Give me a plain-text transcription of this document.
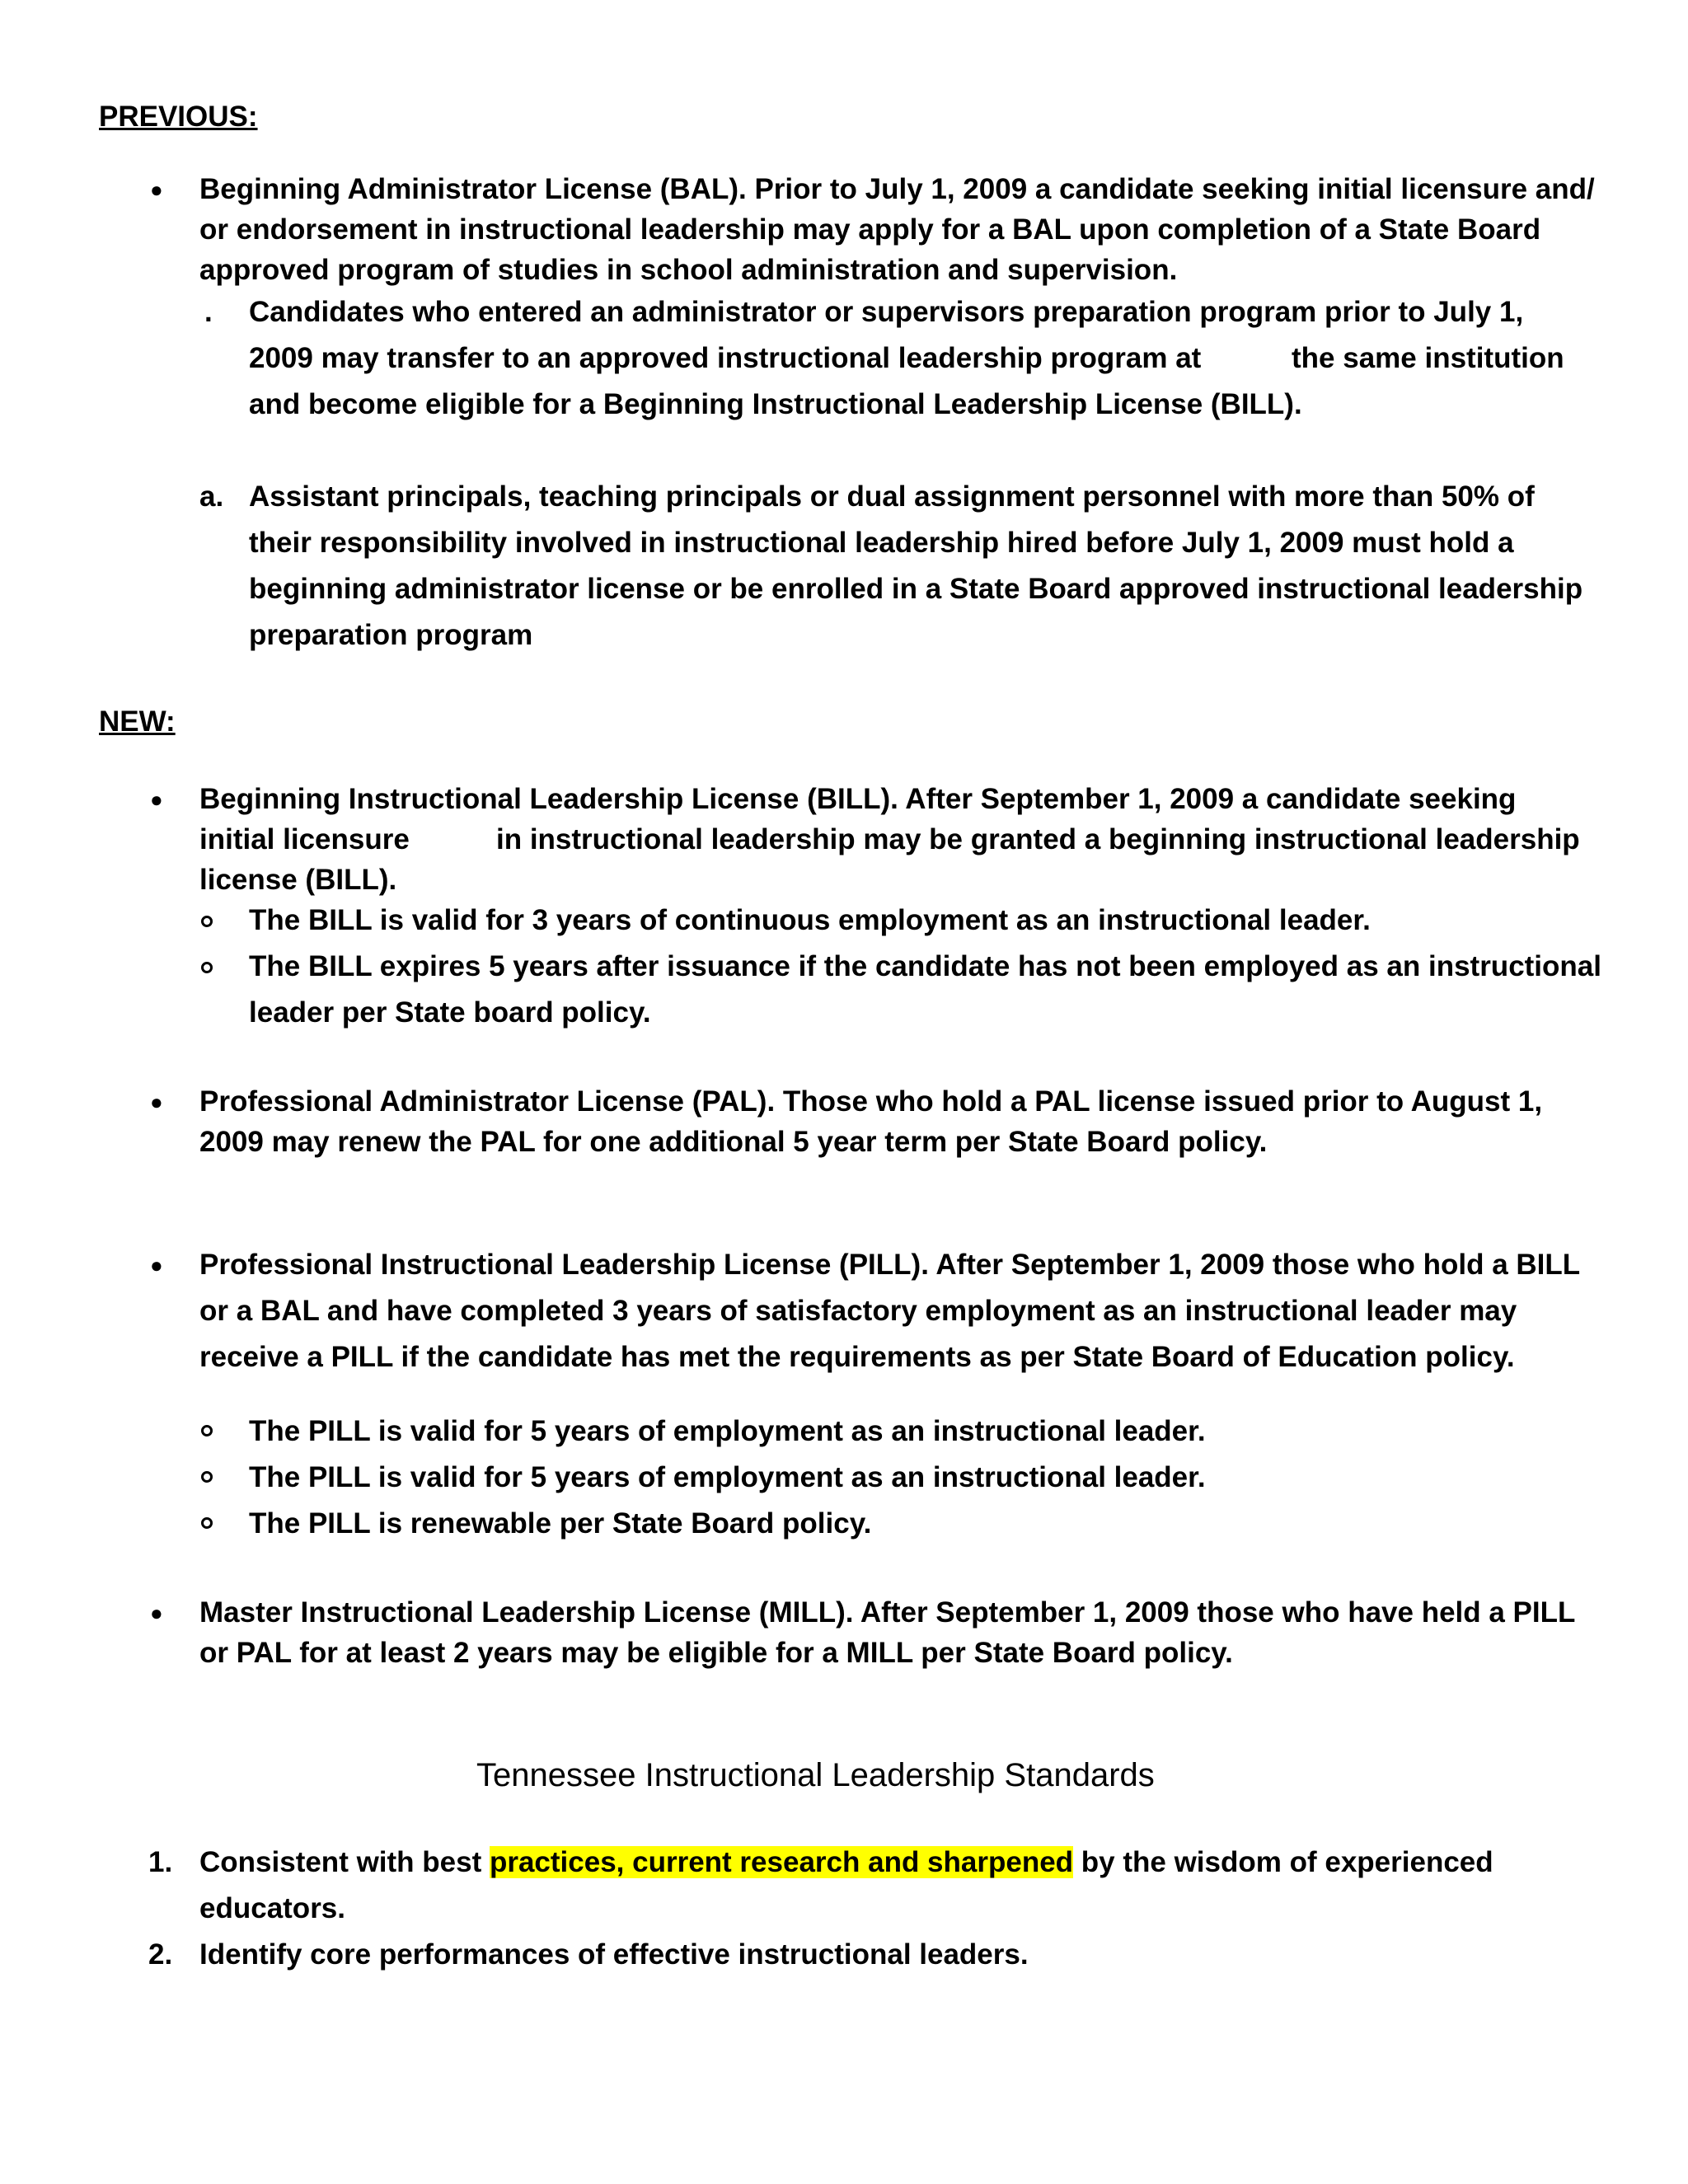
PREVIOUS:
● Beginning Administrator License (BAL). Prior to July 1, 2009 a candidate seeking initial licensure and/
or endorsement in instructional leadership may apply for a BAL upon completion of a State Board
approved program of studies in school administration and supervision.
. Candidates who entered an administrator or supervisors preparation program prior to July 1,
2009 may transfer to an approved instructional leadership program at	the same institution
and become eligible for a Beginning Instructional Leadership License (BILL).
a. Assistant principals, teaching principals or dual assignment personnel with more than 50% of
their responsibility involved in instructional leadership hired before July 1, 2009 must hold a
beginning administrator license or be enrolled in a State Board approved instructional leadership
preparation program
NEW:
● Beginning Instructional Leadership License (BILL). After September 1, 2009 a candidate seeking
initial licensure	in instructional leadership may be granted a beginning instructional leadership
license (BILL).
The BILL is valid for 3 years of continuous employment as an instructional leader.
The BILL expires 5 years after issuance if the candidate has not been employed as an instructional
leader per State board policy.
● Professional Administrator License (PAL). Those who hold a PAL license issued prior to August 1,
2009 may renew the PAL for one additional 5 year term per State Board policy.
● Professional Instructional Leadership License (PILL). After September 1, 2009 those who hold a BILL
or a BAL and have completed 3 years of satisfactory employment as an instructional leader may
receive a PILL if the candidate has met the requirements as per State Board of Education policy.
The PILL is valid for 5 years of employment as an instructional leader.
The PILL is valid for 5 years of employment as an instructional leader.
The PILL is renewable per State Board policy.
● Master Instructional Leadership License (MILL). After September 1, 2009 those who have held a PILL
or PAL for at least 2 years may be eligible for a MILL per State Board policy.
Tennessee Instructional Leadership Standards
1. Consistent with best practices, current research and sharpened by the wisdom of experienced
educators.
2. Identify core performances of effective instructional leaders.
